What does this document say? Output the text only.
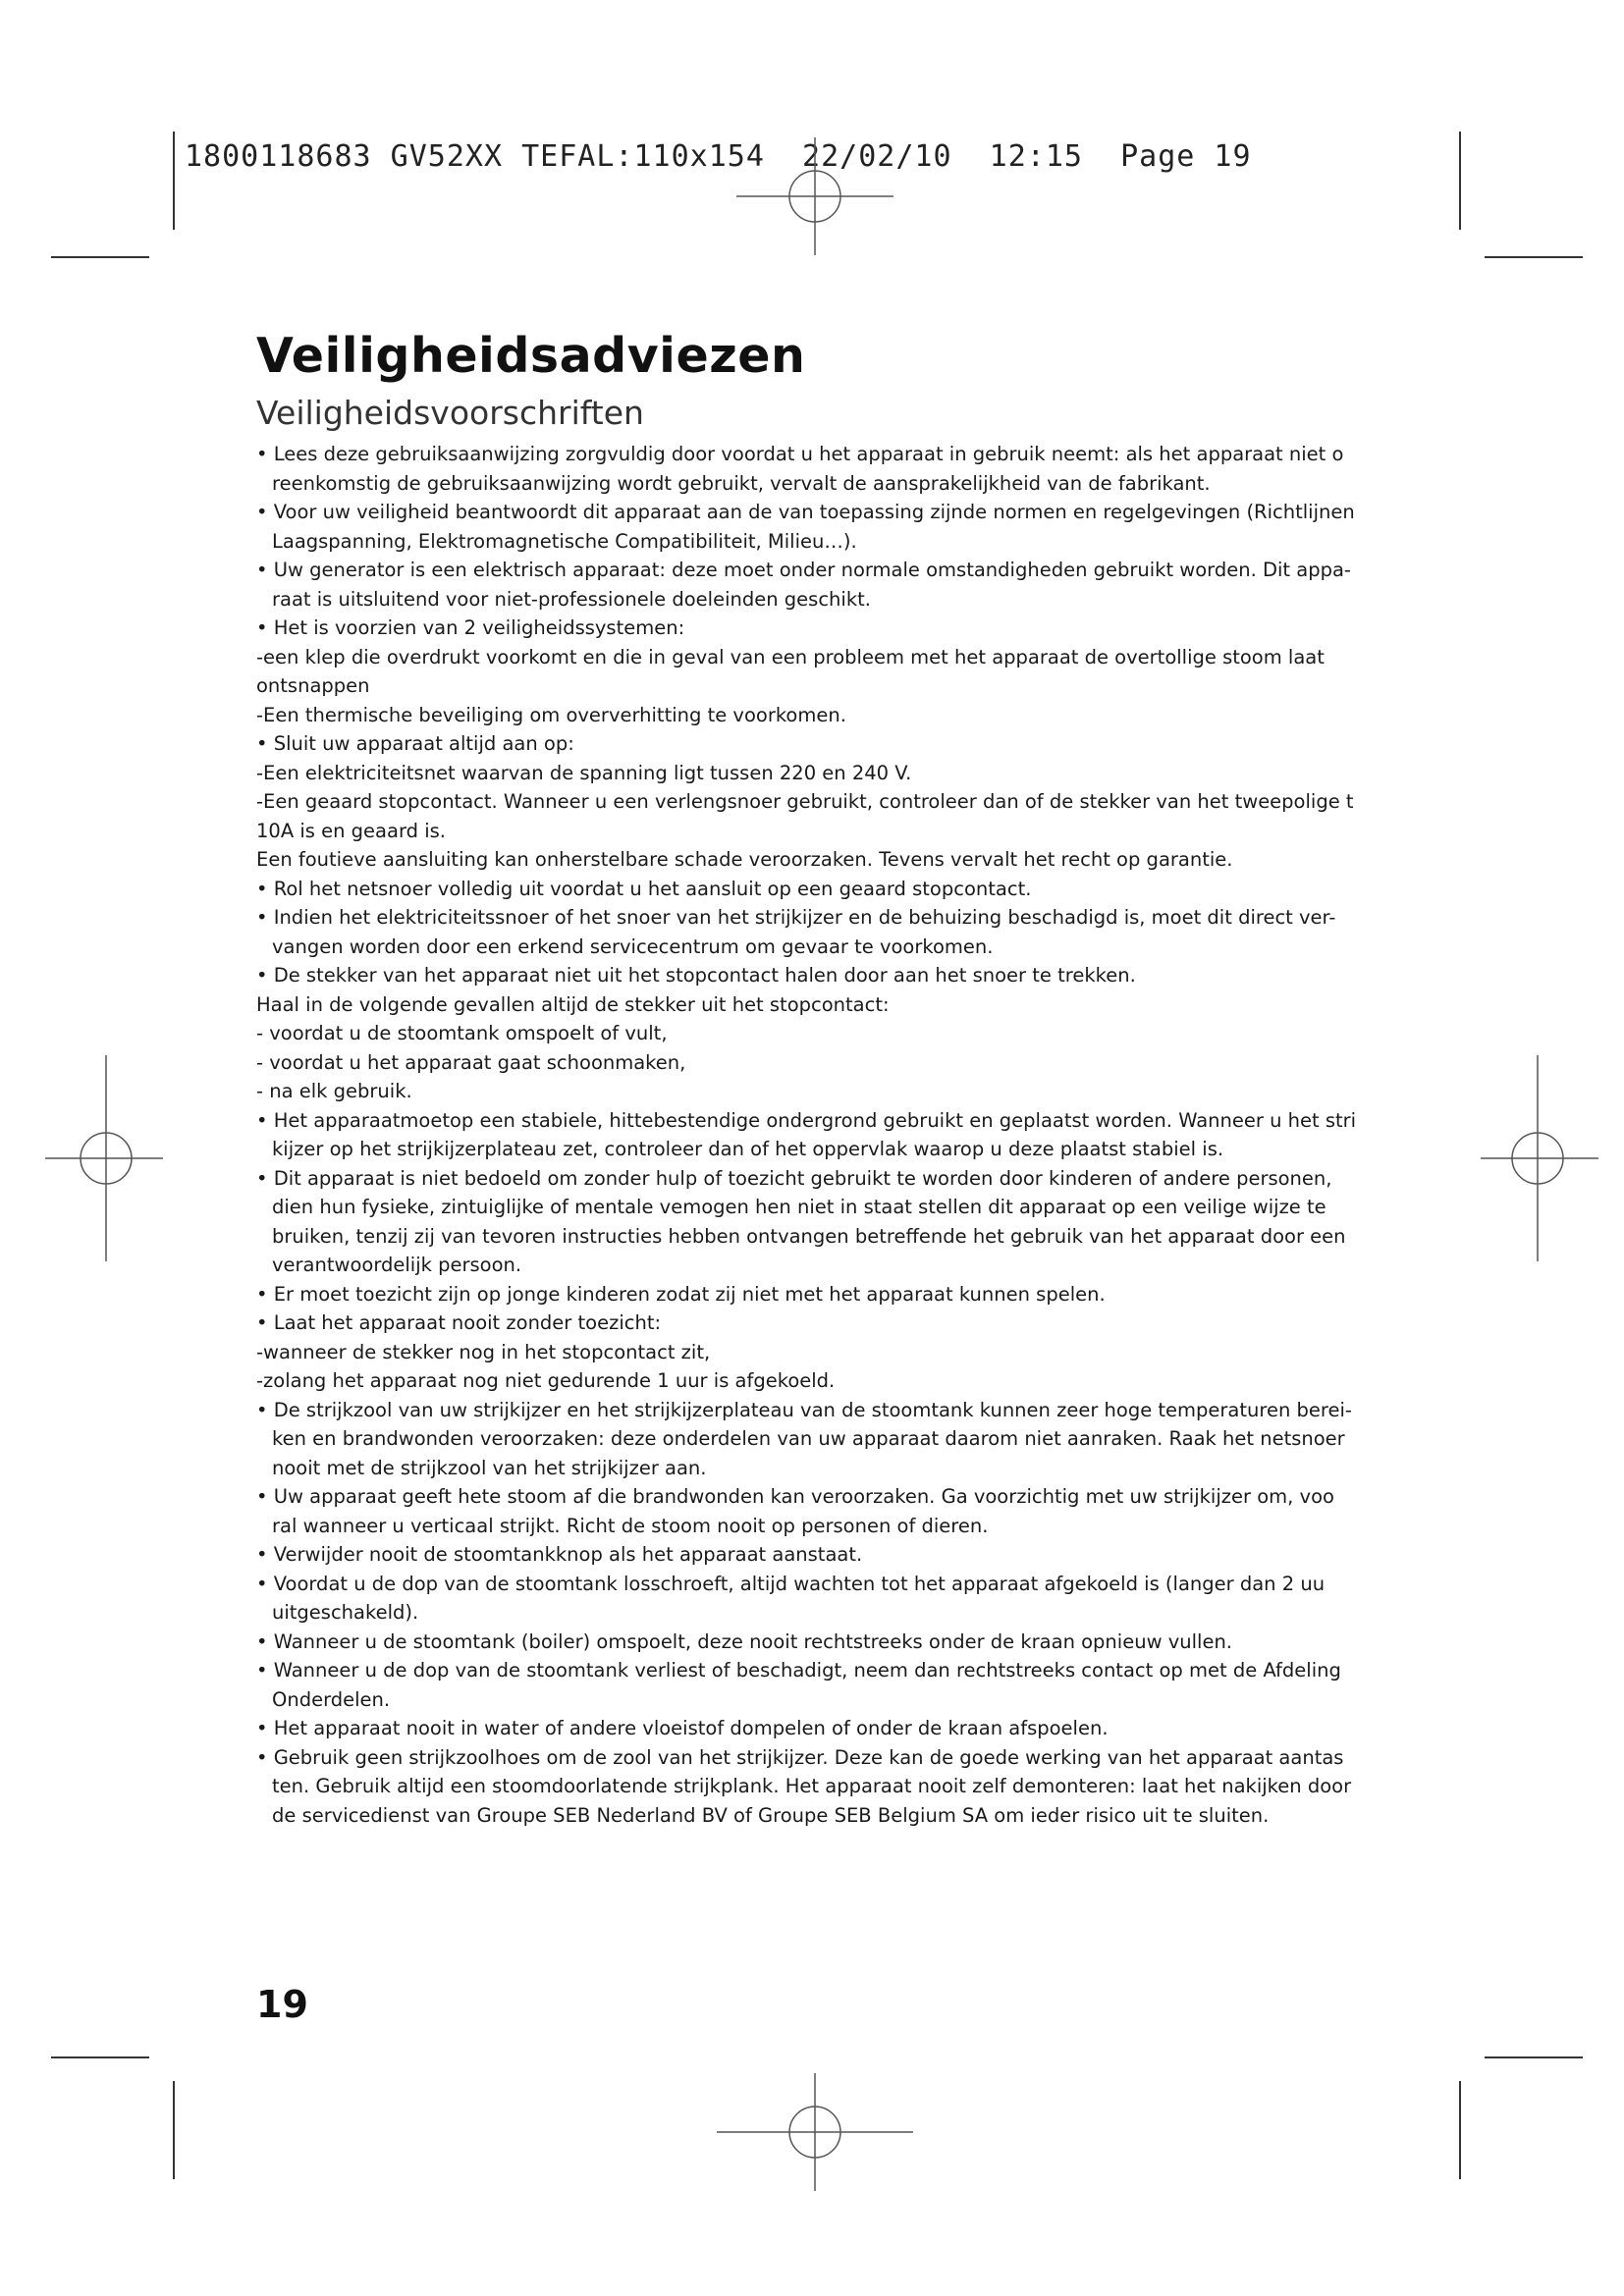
1800118683 GV52XX TEFAL:110x154  22/02/10  12:15  Page 19
Veiligheidsadviezen
Veiligheidsvoorschriften
• Lees deze gebruiksaanwijzing zorgvuldig door voordat u het apparaat in gebruik neemt: als het apparaat niet o
reenkomstig de gebruiksaanwijzing wordt gebruikt, vervalt de aansprakelijkheid van de fabrikant.
• Voor uw veiligheid beantwoordt dit apparaat aan de van toepassing zijnde normen en regelgevingen (Richtlijnen
Laagspanning, Elektromagnetische Compatibiliteit, Milieu…).
• Uw generator is een elektrisch apparaat: deze moet onder normale omstandigheden gebruikt worden. Dit appa-
raat is uitsluitend voor niet-professionele doeleinden geschikt.
• Het is voorzien van 2 veiligheidssystemen:
-een klep die overdrukt voorkomt en die in geval van een probleem met het apparaat de overtollige stoom laat
ontsnappen
-Een thermische beveiliging om oververhitting te voorkomen.
• Sluit uw apparaat altijd aan op:
-Een elektriciteitsnet waarvan de spanning ligt tussen 220 en 240 V.
-Een geaard stopcontact. Wanneer u een verlengsnoer gebruikt, controleer dan of de stekker van het tweepolige t
10A is en geaard is.
Een foutieve aansluiting kan onherstelbare schade veroorzaken. Tevens vervalt het recht op garantie.
• Rol het netsnoer volledig uit voordat u het aansluit op een geaard stopcontact.
• Indien het elektriciteitssnoer of het snoer van het strijkijzer en de behuizing beschadigd is, moet dit direct ver-
vangen worden door een erkend servicecentrum om gevaar te voorkomen.
• De stekker van het apparaat niet uit het stopcontact halen door aan het snoer te trekken.
Haal in de volgende gevallen altijd de stekker uit het stopcontact:
- voordat u de stoomtank omspoelt of vult,
- voordat u het apparaat gaat schoonmaken,
- na elk gebruik.
• Het apparaatmoetop een stabiele, hittebestendige ondergrond gebruikt en geplaatst worden. Wanneer u het stri
kijzer op het strijkijzerplateau zet, controleer dan of het oppervlak waarop u deze plaatst stabiel is.
• Dit apparaat is niet bedoeld om zonder hulp of toezicht gebruikt te worden door kinderen of andere personen,
dien hun fysieke, zintuiglijke of mentale vemogen hen niet in staat stellen dit apparaat op een veilige wijze te
bruiken, tenzij zij van tevoren instructies hebben ontvangen betreffende het gebruik van het apparaat door een
verantwoordelijk persoon.
• Er moet toezicht zijn op jonge kinderen zodat zij niet met het apparaat kunnen spelen.
• Laat het apparaat nooit zonder toezicht:
-wanneer de stekker nog in het stopcontact zit,
-zolang het apparaat nog niet gedurende 1 uur is afgekoeld.
• De strijkzool van uw strijkijzer en het strijkijzerplateau van de stoomtank kunnen zeer hoge temperaturen berei-
ken en brandwonden veroorzaken: deze onderdelen van uw apparaat daarom niet aanraken. Raak het netsnoer
nooit met de strijkzool van het strijkijzer aan.
• Uw apparaat geeft hete stoom af die brandwonden kan veroorzaken. Ga voorzichtig met uw strijkijzer om, voo
ral wanneer u verticaal strijkt. Richt de stoom nooit op personen of dieren.
• Verwijder nooit de stoomtankknop als het apparaat aanstaat.
• Voordat u de dop van de stoomtank losschroeft, altijd wachten tot het apparaat afgekoeld is (langer dan 2 uu
uitgeschakeld).
• Wanneer u de stoomtank (boiler) omspoelt, deze nooit rechtstreeks onder de kraan opnieuw vullen.
• Wanneer u de dop van de stoomtank verliest of beschadigt, neem dan rechtstreeks contact op met de Afdeling
Onderdelen.
• Het apparaat nooit in water of andere vloeistof dompelen of onder de kraan afspoelen.
• Gebruik geen strijkzoolhoes om de zool van het strijkijzer. Deze kan de goede werking van het apparaat aantas
ten. Gebruik altijd een stoomdoorlatende strijkplank. Het apparaat nooit zelf demonteren: laat het nakijken door
de servicedienst van Groupe SEB Nederland BV of Groupe SEB Belgium SA om ieder risico uit te sluiten.
19
